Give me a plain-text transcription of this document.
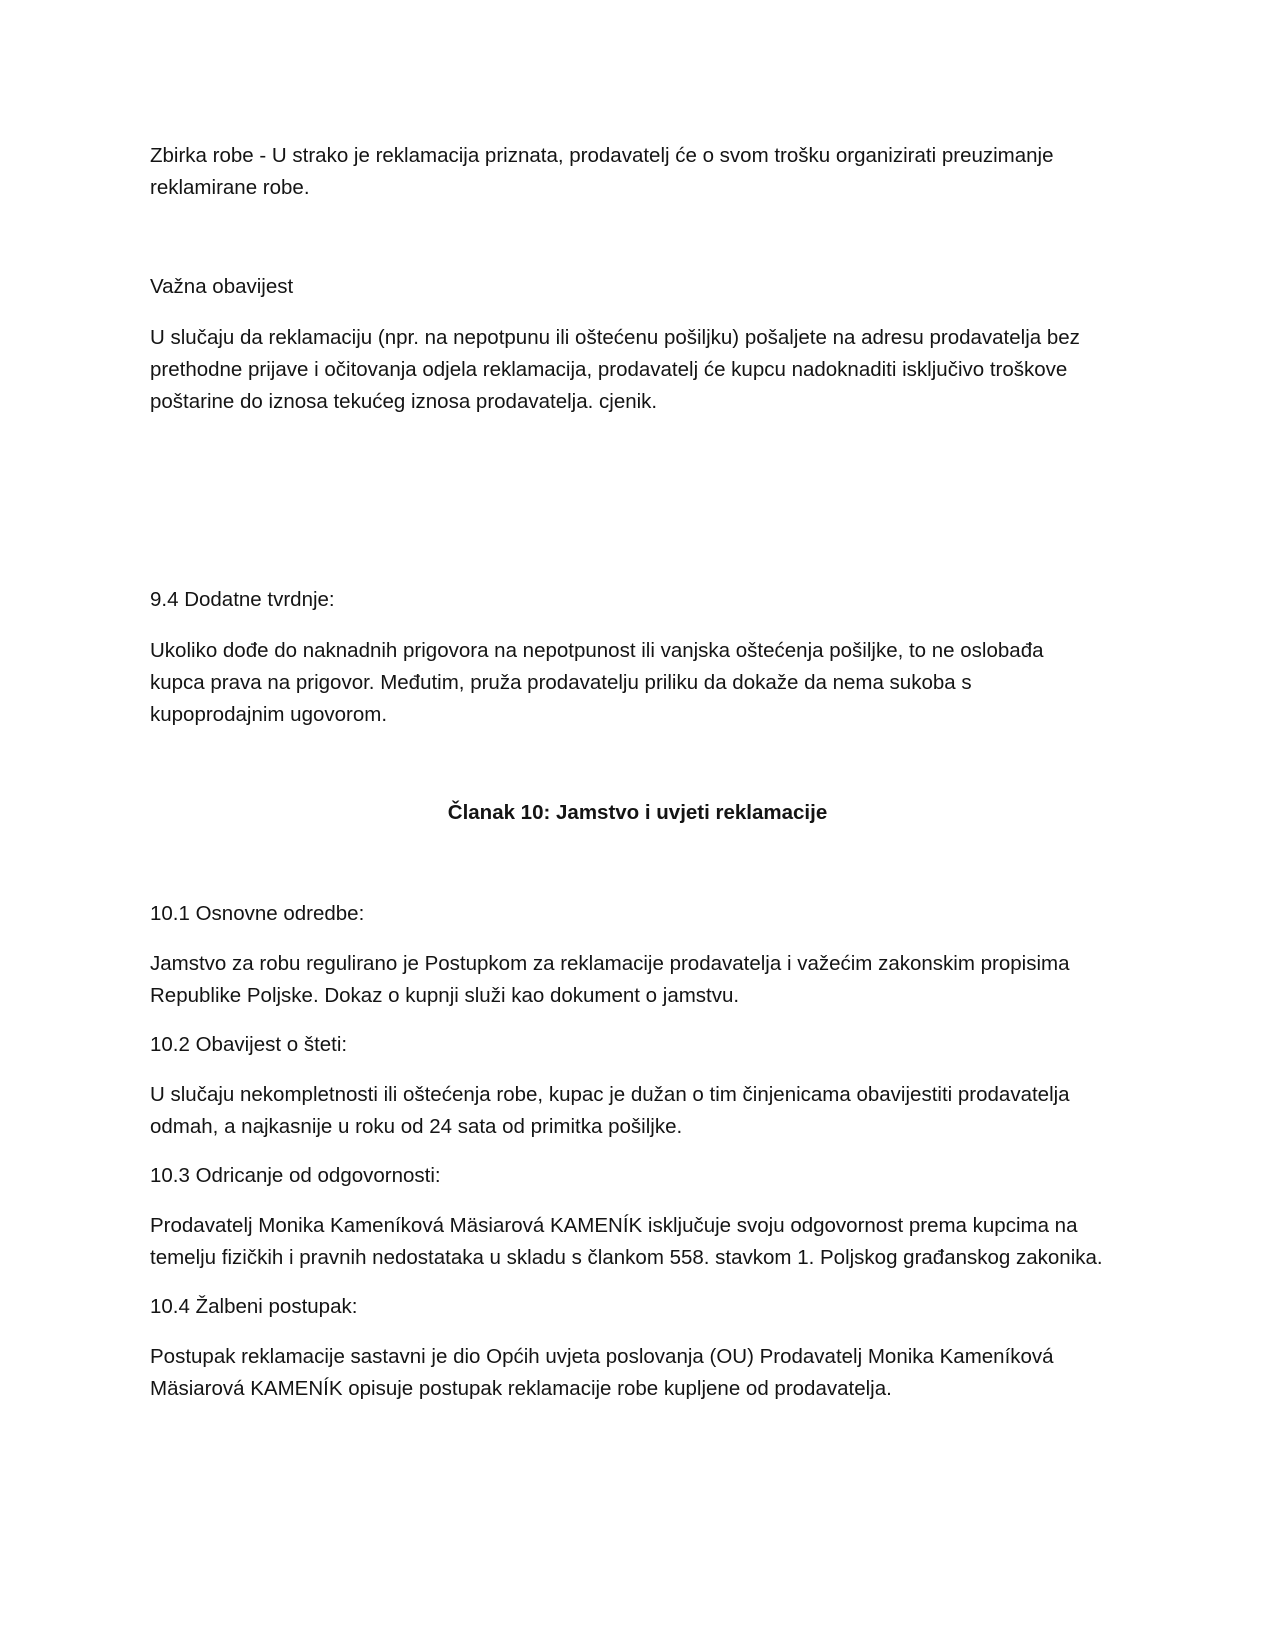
Zbirka robe - U strako je reklamacija priznata, prodavatelj će o svom trošku organizirati preuzimanje
reklamirane robe.

Važna obavijest

U slučaju da reklamaciju (npr. na nepotpunu ili oštećenu pošiljku) pošaljete na adresu prodavatelja bez
prethodne prijave i očitovanja odjela reklamacija, prodavatelj će kupcu nadoknaditi isključivo troškove
poštarine do iznosa tekućeg iznosa prodavatelja. cjenik.

9.4 Dodatne tvrdnje:

Ukoliko dođe do naknadnih prigovora na nepotpunost ili vanjska oštećenja pošiljke, to ne oslobađa
kupca prava na prigovor. Međutim, pruža prodavatelju priliku da dokaže da nema sukoba s
kupoprodajnim ugovorom.

Članak 10: Jamstvo i uvjeti reklamacije

10.1 Osnovne odredbe:

Jamstvo za robu regulirano je Postupkom za reklamacije prodavatelja i važećim zakonskim propisima
Republike Poljske. Dokaz o kupnji služi kao dokument o jamstvu.

10.2 Obavijest o šteti:

U slučaju nekompletnosti ili oštećenja robe, kupac je dužan o tim činjenicama obavijestiti prodavatelja
odmah, a najkasnije u roku od 24 sata od primitka pošiljke.

10.3 Odricanje od odgovornosti:

Prodavatelj Monika Kameníková Mäsiarová KAMENÍK isključuje svoju odgovornost prema kupcima na
temelju fizičkih i pravnih nedostataka u skladu s člankom 558. stavkom 1. Poljskog građanskog zakonika.

10.4 Žalbeni postupak:

Postupak reklamacije sastavni je dio Općih uvjeta poslovanja (OU) Prodavatelj Monika Kameníková
Mäsiarová KAMENÍK opisuje postupak reklamacije robe kupljene od prodavatelja.
